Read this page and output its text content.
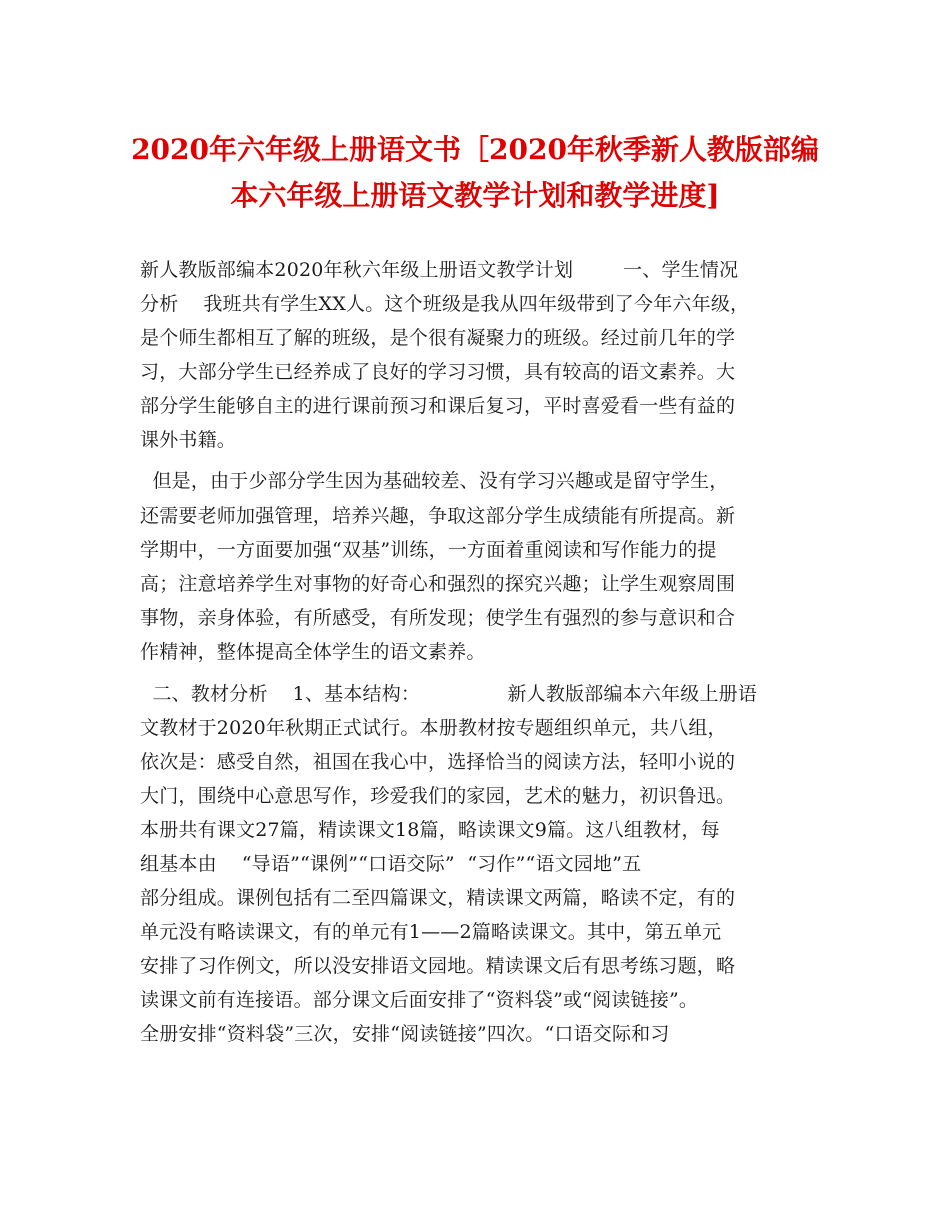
2020年六年级上册语文书［2020年秋季新人教版部编
本六年级上册语文教学计划和教学进度]
新人教版部编本2020年秋六年级上册语文教学计划        一、学生情况
分析    我班共有学生XX人。这个班级是我从四年级带到了今年六年级，
是个师生都相互了解的班级，是个很有凝聚力的班级。经过前几年的学
习，大部分学生已经养成了良好的学习习惯，具有较高的语文素养。大
部分学生能够自主的进行课前预习和课后复习，平时喜爱看一些有益的
课外书籍。
但是，由于少部分学生因为基础较差、没有学习兴趣或是留守学生，
还需要老师加强管理，培养兴趣，争取这部分学生成绩能有所提高。新
学期中，一方面要加强“双基”训练，一方面着重阅读和写作能力的提
高；注意培养学生对事物的好奇心和强烈的探究兴趣；让学生观察周围
事物，亲身体验，有所感受，有所发现；使学生有强烈的参与意识和合
作精神，整体提高全体学生的语文素养。
二、教材分析    1、基本结构：              新人教版部编本六年级上册语
文教材于2020年秋期正式试行。本册教材按专题组织单元，共八组，
依次是：感受自然，祖国在我心中，选择恰当的阅读方法，轻叩小说的
大门，围绕中心意思写作，珍爱我们的家园，艺术的魅力，初识鲁迅。
本册共有课文27篇，精读课文18篇，略读课文9篇。这八组教材，每
组基本由    “导语”“课例”“口语交际”  “习作”“语文园地”五
部分组成。课例包括有二至四篇课文，精读课文两篇，略读不定，有的
单元没有略读课文，有的单元有1——2篇略读课文。其中，第五单元
安排了习作例文，所以没安排语文园地。精读课文后有思考练习题，略
读课文前有连接语。部分课文后面安排了“资料袋”或“阅读链接”。
全册安排“资料袋”三次，安排“阅读链接”四次。“口语交际和习
